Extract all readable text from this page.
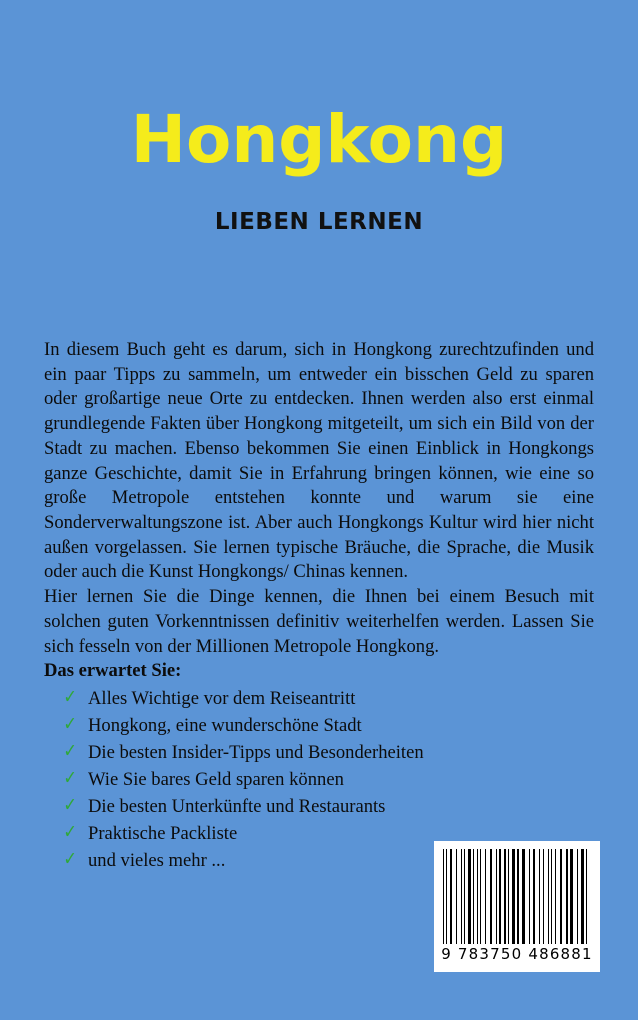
Hongkong
LIEBEN LERNEN

In diesem Buch geht es darum, sich in Hongkong zurechtzufinden und ein paar Tipps zu sammeln, um entweder ein bisschen Geld zu sparen oder großartige neue Orte zu entdecken. Ihnen werden also erst einmal grundlegende Fakten über Hongkong mitgeteilt, um sich ein Bild von der Stadt zu machen. Ebenso bekommen Sie einen Einblick in Hongkongs ganze Geschichte, damit Sie in Erfahrung bringen können, wie eine so große Metropole entstehen konnte und warum sie eine Sonderverwaltungszone ist. Aber auch Hongkongs Kultur wird hier nicht außen vorgelassen. Sie lernen typische Bräuche, die Sprache, die Musik oder auch die Kunst Hongkongs/ Chinas kennen.

Hier lernen Sie die Dinge kennen, die Ihnen bei einem Besuch mit solchen guten Vorkenntnissen definitiv weiterhelfen werden. Lassen Sie sich fesseln von der Millionen Metropole Hongkong.

Das erwartet Sie:
✓ Alles Wichtige vor dem Reiseantritt
✓ Hongkong, eine wunderschöne Stadt
✓ Die besten Insider-Tipps und Besonderheiten
✓ Wie Sie bares Geld sparen können
✓ Die besten Unterkünfte und Restaurants
✓ Praktische Packliste
✓ und vieles mehr ...
9 783750 486881
